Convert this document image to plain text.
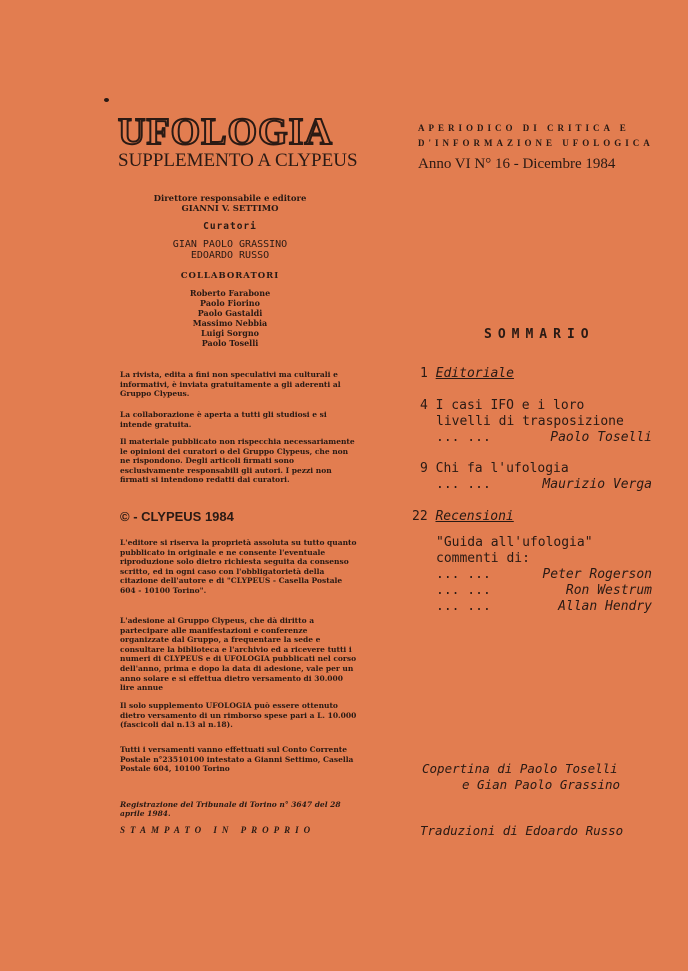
UFOLOGIA
SUPPLEMENTO A CLYPEUS
APERIODICO DI CRITICA E
D'INFORMAZIONE UFOLOGICA
Anno VI N° 16 - Dicembre 1984
Direttore responsabile e editore
GIANNI V. SETTIMO
Curatori
GIAN PAOLO GRASSINO
EDOARDO RUSSO
COLLABORATORI
Roberto Farabone
Paolo Fiorino
Paolo Gastaldi
Massimo Nebbia
Luigi Sorgno
Paolo Toselli
La rivista, edita a fini non speculativi ma culturali e informativi, è inviata gratuitamente a gli aderenti al Gruppo Clypeus.
La collaborazione è aperta a tutti gli studiosi e si intende gratuita.
Il materiale pubblicato non rispecchia necessariamente le opinioni dei curatori o del Gruppo Clypeus, che non ne rispondono. Degli articoli firmati sono esclusivamente responsabili gli autori. I pezzi non firmati si intendono redatti dai curatori.
© - CLYPEUS 1984
L'editore si riserva la proprietà assoluta su tutto quanto pubblicato in originale e ne consente l'eventuale riproduzione solo dietro richiesta seguita da consenso scritto, ed in ogni caso con l'obbligatorietà della citazione dell'autore e di "CLYPEUS - Casella Postale 604 - 10100 Torino".
L'adesione al Gruppo Clypeus, che dà diritto a partecipare alle manifestazioni e conferenze organizzate dal Gruppo, a frequentare la sede e consultare la biblioteca e l'archivio ed a ricevere tutti i numeri di CLYPEUS e di UFOLOGIA pubblicati nel corso dell'anno, prima e dopo la data di adesione, vale per un anno solare e si effettua dietro versamento di 30.000 lire annue
Il solo supplemento UFOLOGIA può essere ottenuto dietro versamento di un rimborso spese pari a L. 10.000 (fascicoli dal n.13 al n.18).
Tutti i versamenti vanno effettuati sul Conto Corrente Postale n°23510100 intestato a Gianni Settimo, Casella Postale 604, 10100 Torino
Registrazione del Tribunale di Torino n° 3647 del 28 aprile 1984.
STAMPATO IN PROPRIO
SOMMARIO
1 Editoriale
4 I casi IFO e i loro
livelli di trasposizione
... ...	Paolo Toselli
9 Chi fa l'ufologia
... ...	Maurizio Verga
22 Recensioni
"Guida all'ufologia"
commenti di:
... ...	Peter Rogerson
... ...	Ron Westrum
... ...	Allan Hendry
Copertina di Paolo Toselli
e Gian Paolo Grassino
Traduzioni di Edoardo Russo
